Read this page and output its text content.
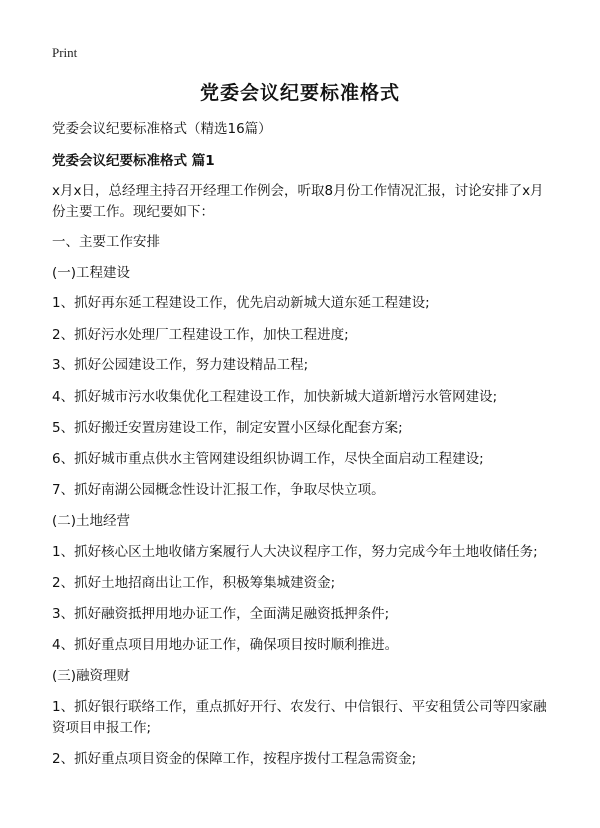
Print
党委会议纪要标准格式
党委会议纪要标准格式（精选16篇）
党委会议纪要标准格式 篇1
x月x日，总经理主持召开经理工作例会，听取8月份工作情况汇报，讨论安排了x月份主要工作。现纪要如下：
一、主要工作安排
(一)工程建设
1、抓好再东延工程建设工作，优先启动新城大道东延工程建设;
2、抓好污水处理厂工程建设工作，加快工程进度;
3、抓好公园建设工作，努力建设精品工程;
4、抓好城市污水收集优化工程建设工作，加快新城大道新增污水管网建设;
5、抓好搬迁安置房建设工作，制定安置小区绿化配套方案;
6、抓好城市重点供水主管网建设组织协调工作，尽快全面启动工程建设;
7、抓好南湖公园概念性设计汇报工作，争取尽快立项。
(二)土地经营
1、抓好核心区土地收储方案履行人大决议程序工作，努力完成今年土地收储任务;
2、抓好土地招商出让工作，积极筹集城建资金;
3、抓好融资抵押用地办证工作，全面满足融资抵押条件;
4、抓好重点项目用地办证工作，确保项目按时顺利推进。
(三)融资理财
1、抓好银行联络工作，重点抓好开行、农发行、中信银行、平安租赁公司等四家融资项目申报工作;
2、抓好重点项目资金的保障工作，按程序拨付工程急需资金;
